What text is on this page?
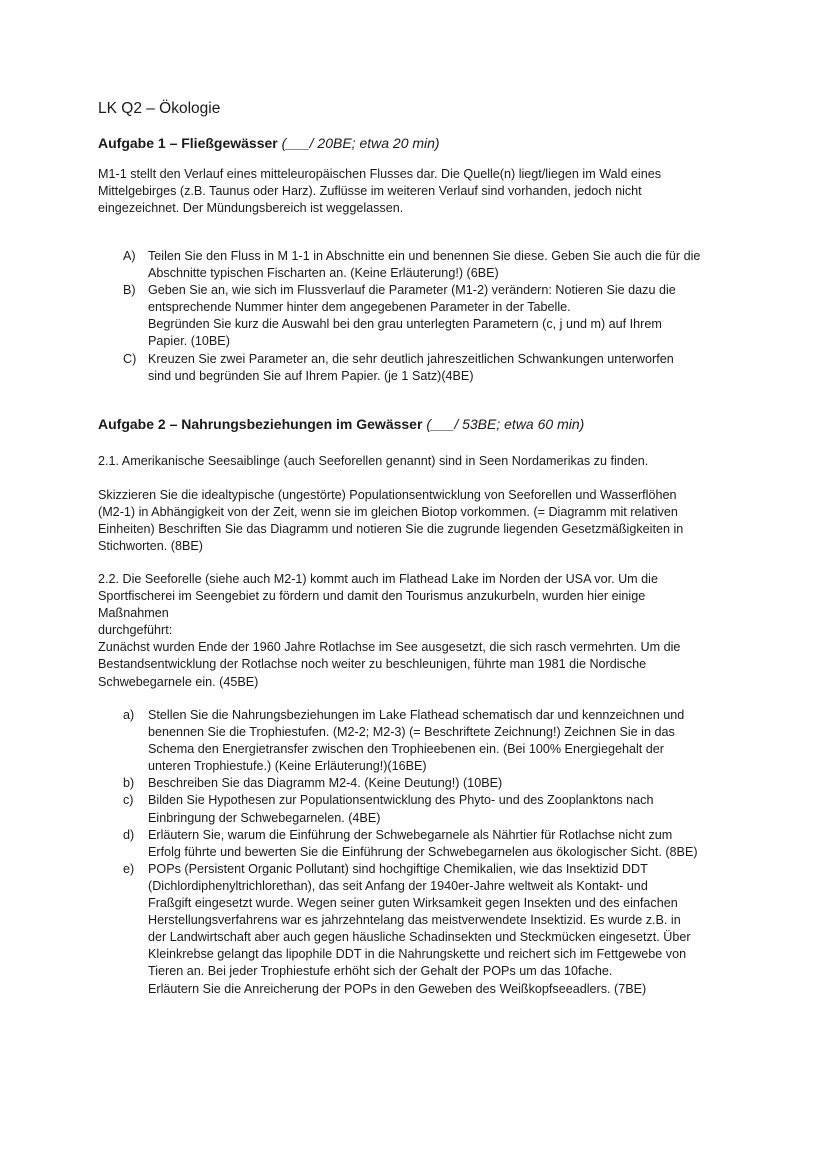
LK Q2 – Ökologie
Aufgabe 1 – Fließgewässer (___/ 20BE; etwa 20 min)
M1-1 stellt den Verlauf eines mitteleuropäischen Flusses dar. Die Quelle(n) liegt/liegen im Wald eines
Mittelgebirges (z.B. Taunus oder Harz). Zuflüsse im weiteren Verlauf sind vorhanden, jedoch nicht
eingezeichnet. Der Mündungsbereich ist weggelassen.
A) Teilen Sie den Fluss in M 1-1 in Abschnitte ein und benennen Sie diese. Geben Sie auch die für die
Abschnitte typischen Fischarten an. (Keine Erläuterung!) (6BE)
B) Geben Sie an, wie sich im Flussverlauf die Parameter (M1-2) verändern: Notieren Sie dazu die
entsprechende Nummer hinter dem angegebenen Parameter in der Tabelle.
Begründen Sie kurz die Auswahl bei den grau unterlegten Parametern (c, j und m) auf Ihrem
Papier. (10BE)
C) Kreuzen Sie zwei Parameter an, die sehr deutlich jahreszeitlichen Schwankungen unterworfen
sind und begründen Sie auf Ihrem Papier. (je 1 Satz)(4BE)
Aufgabe 2 – Nahrungsbeziehungen im Gewässer (___/ 53BE; etwa 60 min)
2.1. Amerikanische Seesaiblinge (auch Seeforellen genannt) sind in Seen Nordamerikas zu finden.
Skizzieren Sie die idealtypische (ungestörte) Populationsentwicklung von Seeforellen und Wasserflöhen
(M2-1) in Abhängigkeit von der Zeit, wenn sie im gleichen Biotop vorkommen. (= Diagramm mit relativen
Einheiten) Beschriften Sie das Diagramm und notieren Sie die zugrunde liegenden Gesetzmäßigkeiten in
Stichworten. (8BE)
2.2. Die Seeforelle (siehe auch M2-1) kommt auch im Flathead Lake im Norden der USA vor. Um die
Sportfischerei im Seengebiet zu fördern und damit den Tourismus anzukurbeln, wurden hier einige
Maßnahmen
durchgeführt:
Zunächst wurden Ende der 1960 Jahre Rotlachse im See ausgesetzt, die sich rasch vermehrten. Um die
Bestandsentwicklung der Rotlachse noch weiter zu beschleunigen, führte man 1981 die Nordische
Schwebegarnele ein. (45BE)
a) Stellen Sie die Nahrungsbeziehungen im Lake Flathead schematisch dar und kennzeichnen und
benennen Sie die Trophiestufen. (M2-2; M2-3) (= Beschriftete Zeichnung!) Zeichnen Sie in das
Schema den Energietransfer zwischen den Trophieebenen ein. (Bei 100% Energiegehalt der
unteren Trophiestufe.) (Keine Erläuterung!)(16BE)
b) Beschreiben Sie das Diagramm M2-4. (Keine Deutung!) (10BE)
c) Bilden Sie Hypothesen zur Populationsentwicklung des Phyto- und des Zooplanktons nach
Einbringung der Schwebegarnelen. (4BE)
d) Erläutern Sie, warum die Einführung der Schwebegarnele als Nährtier für Rotlachse nicht zum
Erfolg führte und bewerten Sie die Einführung der Schwebegarnelen aus ökologischer Sicht. (8BE)
e) POPs (Persistent Organic Pollutant) sind hochgiftige Chemikalien, wie das Insektizid DDT
(Dichlordiphenyltrichlorethan), das seit Anfang der 1940er-Jahre weltweit als Kontakt- und
Fraßgift eingesetzt wurde. Wegen seiner guten Wirksamkeit gegen Insekten und des einfachen
Herstellungsverfahrens war es jahrzehntelang das meistverwendete Insektizid. Es wurde z.B. in
der Landwirtschaft aber auch gegen häusliche Schadinsekten und Steckmücken eingesetzt. Über
Kleinkrebse gelangt das lipophile DDT in die Nahrungskette und reichert sich im Fettgewebe von
Tieren an. Bei jeder Trophiestufe erhöht sich der Gehalt der POPs um das 10fache.
Erläutern Sie die Anreicherung der POPs in den Geweben des Weißkopfseeadlers. (7BE)
